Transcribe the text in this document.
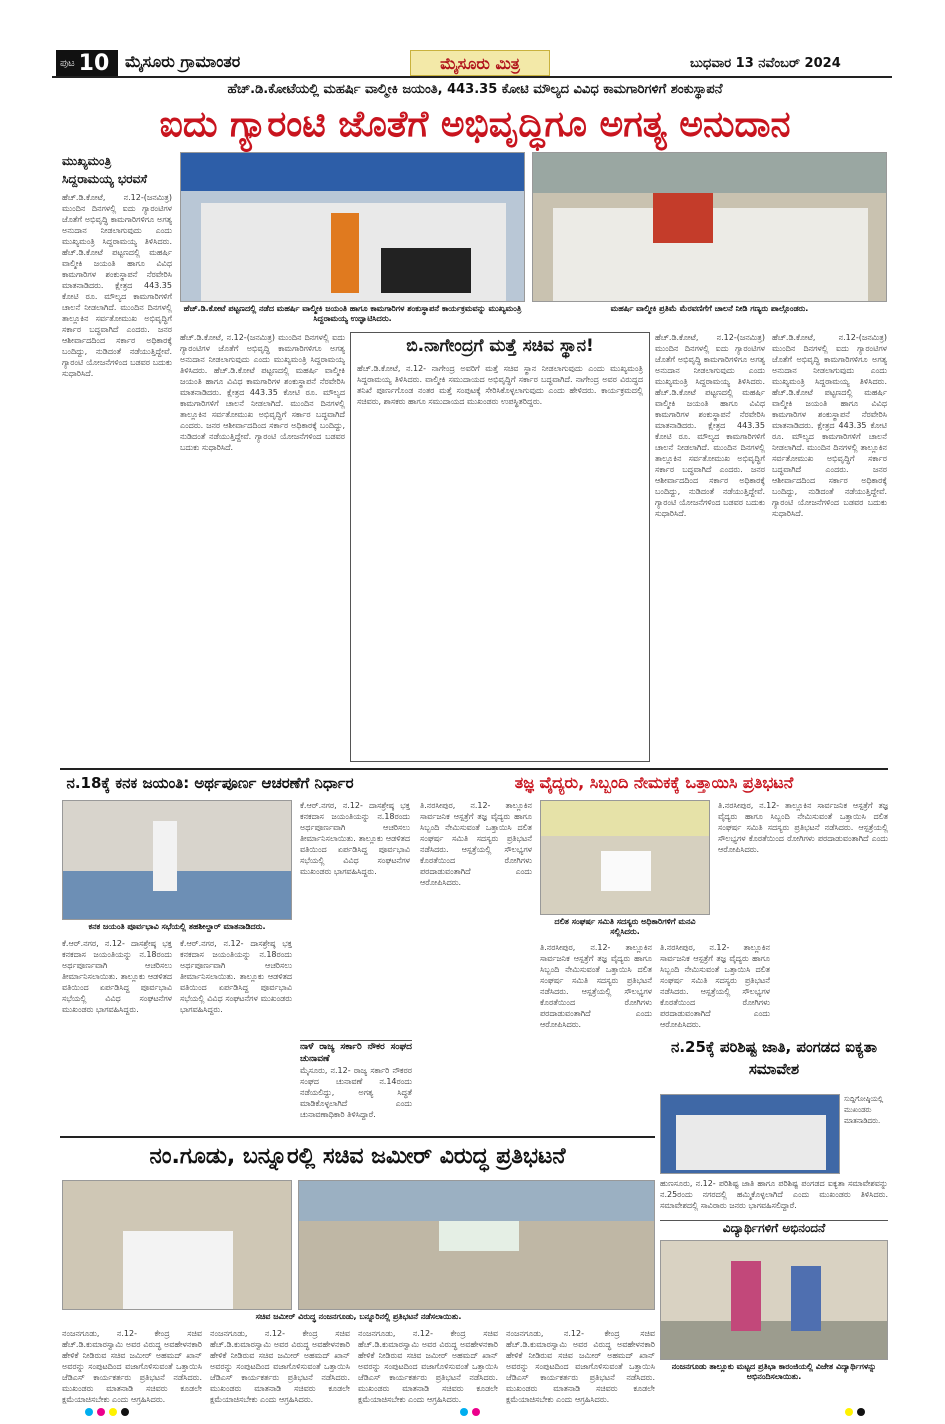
ಪುಟ 10 ಮೈಸೂರು ಗ್ರಾಮಾಂತರ	ಮೈಸೂರು ಮಿತ್ರ	ಬುಧವಾರ 13 ನವೆಂಬರ್ 2024
ಹೆಚ್.ಡಿ.ಕೋಟೆಯಲ್ಲಿ ಮಹರ್ಷಿ ವಾಲ್ಮೀಕಿ ಜಯಂತಿ, 443.35 ಕೋಟಿ ಮೌಲ್ಯದ ವಿವಿಧ ಕಾಮಗಾರಿಗಳಿಗೆ ಶಂಕುಸ್ಥಾಪನೆ
ಐದು ಗ್ಯಾರಂಟಿ ಜೊತೆಗೆ ಅಭಿವೃದ್ಧಿಗೂ ಅಗತ್ಯ ಅನುದಾನ
ಮುಖ್ಯಮಂತ್ರಿ
ಸಿದ್ದರಾಮಯ್ಯ ಭರವಸೆ
ಹೆಚ್.ಡಿ.ಕೋಟೆ, ನ.12-(ಜನಮಿತ್ರ) ಮುಂದಿನ ದಿನಗಳಲ್ಲಿ ಐದು ಗ್ಯಾರಂಟಿಗಳ ಜೊತೆಗೆ ಅಭಿವೃದ್ಧಿ ಕಾಮಗಾರಿಗಳಿಗೂ ಅಗತ್ಯ ಅನುದಾನ ನೀಡಲಾಗುವುದು ಎಂದು ಮುಖ್ಯಮಂತ್ರಿ ಸಿದ್ದರಾಮಯ್ಯ ತಿಳಿಸಿದರು. ಹೆಚ್.ಡಿ.ಕೋಟೆ ಪಟ್ಟಣದಲ್ಲಿ ಮಹರ್ಷಿ ವಾಲ್ಮೀಕಿ ಜಯಂತಿ ಹಾಗೂ ವಿವಿಧ ಕಾಮಗಾರಿಗಳ ಶಂಕುಸ್ಥಾಪನೆ ನೆರವೇರಿಸಿ ಮಾತನಾಡಿದರು. ಕ್ಷೇತ್ರದ 443.35 ಕೋಟಿ ರೂ. ಮೌಲ್ಯದ ಕಾಮಗಾರಿಗಳಿಗೆ ಚಾಲನೆ ನೀಡಲಾಗಿದೆ. ಮುಂದಿನ ದಿನಗಳಲ್ಲಿ ತಾಲ್ಲೂಕಿನ ಸರ್ವತೋಮುಖ ಅಭಿವೃದ್ಧಿಗೆ ಸರ್ಕಾರ ಬದ್ಧವಾಗಿದೆ ಎಂದರು. ಜನರ ಆಶೀರ್ವಾದದಿಂದ ಸರ್ಕಾರ ಅಧಿಕಾರಕ್ಕೆ ಬಂದಿದ್ದು, ನುಡಿದಂತೆ ನಡೆಯುತ್ತಿದ್ದೇವೆ. ಗ್ಯಾರಂಟಿ ಯೋಜನೆಗಳಿಂದ ಬಡವರ ಬದುಕು ಸುಧಾರಿಸಿದೆ.
ಹೆಚ್.ಡಿ.ಕೋಟೆ ಪಟ್ಟಣದಲ್ಲಿ ನಡೆದ ಮಹರ್ಷಿ ವಾಲ್ಮೀಕಿ ಜಯಂತಿ ಹಾಗೂ ಕಾಮಗಾರಿಗಳ ಶಂಕುಸ್ಥಾಪನೆ ಕಾರ್ಯಕ್ರಮವನ್ನು ಮುಖ್ಯಮಂತ್ರಿ ಸಿದ್ದರಾಮಯ್ಯ ಉದ್ಘಾಟಿಸಿದರು.
ಮಹರ್ಷಿ ವಾಲ್ಮೀಕಿ ಪ್ರತಿಮೆ ಮೆರವಣಿಗೆಗೆ ಚಾಲನೆ ನೀಡಿ ಗಣ್ಯರು ಪಾಲ್ಗೊಂಡರು.
ಹೆಚ್.ಡಿ.ಕೋಟೆ, ನ.12-(ಜನಮಿತ್ರ) ಮುಂದಿನ ದಿನಗಳಲ್ಲಿ ಐದು ಗ್ಯಾರಂಟಿಗಳ ಜೊತೆಗೆ ಅಭಿವೃದ್ಧಿ ಕಾಮಗಾರಿಗಳಿಗೂ ಅಗತ್ಯ ಅನುದಾನ ನೀಡಲಾಗುವುದು ಎಂದು ಮುಖ್ಯಮಂತ್ರಿ ಸಿದ್ದರಾಮಯ್ಯ ತಿಳಿಸಿದರು. ಹೆಚ್.ಡಿ.ಕೋಟೆ ಪಟ್ಟಣದಲ್ಲಿ ಮಹರ್ಷಿ ವಾಲ್ಮೀಕಿ ಜಯಂತಿ ಹಾಗೂ ವಿವಿಧ ಕಾಮಗಾರಿಗಳ ಶಂಕುಸ್ಥಾಪನೆ ನೆರವೇರಿಸಿ ಮಾತನಾಡಿದರು. ಕ್ಷೇತ್ರದ 443.35 ಕೋಟಿ ರೂ. ಮೌಲ್ಯದ ಕಾಮಗಾರಿಗಳಿಗೆ ಚಾಲನೆ ನೀಡಲಾಗಿದೆ. ಮುಂದಿನ ದಿನಗಳಲ್ಲಿ ತಾಲ್ಲೂಕಿನ ಸರ್ವತೋಮುಖ ಅಭಿವೃದ್ಧಿಗೆ ಸರ್ಕಾರ ಬದ್ಧವಾಗಿದೆ ಎಂದರು. ಜನರ ಆಶೀರ್ವಾದದಿಂದ ಸರ್ಕಾರ ಅಧಿಕಾರಕ್ಕೆ ಬಂದಿದ್ದು, ನುಡಿದಂತೆ ನಡೆಯುತ್ತಿದ್ದೇವೆ. ಗ್ಯಾರಂಟಿ ಯೋಜನೆಗಳಿಂದ ಬಡವರ ಬದುಕು ಸುಧಾರಿಸಿದೆ.
ಹೆಚ್.ಡಿ.ಕೋಟೆ, ನ.12-(ಜನಮಿತ್ರ) ಮುಂದಿನ ದಿನಗಳಲ್ಲಿ ಐದು ಗ್ಯಾರಂಟಿಗಳ ಜೊತೆಗೆ ಅಭಿವೃದ್ಧಿ ಕಾಮಗಾರಿಗಳಿಗೂ ಅಗತ್ಯ ಅನುದಾನ ನೀಡಲಾಗುವುದು ಎಂದು ಮುಖ್ಯಮಂತ್ರಿ ಸಿದ್ದರಾಮಯ್ಯ ತಿಳಿಸಿದರು. ಹೆಚ್.ಡಿ.ಕೋಟೆ ಪಟ್ಟಣದಲ್ಲಿ ಮಹರ್ಷಿ ವಾಲ್ಮೀಕಿ ಜಯಂತಿ ಹಾಗೂ ವಿವಿಧ ಕಾಮಗಾರಿಗಳ ಶಂಕುಸ್ಥಾಪನೆ ನೆರವೇರಿಸಿ ಮಾತನಾಡಿದರು. ಕ್ಷೇತ್ರದ 443.35 ಕೋಟಿ ರೂ. ಮೌಲ್ಯದ ಕಾಮಗಾರಿಗಳಿಗೆ ಚಾಲನೆ ನೀಡಲಾಗಿದೆ. ಮುಂದಿನ ದಿನಗಳಲ್ಲಿ ತಾಲ್ಲೂಕಿನ ಸರ್ವತೋಮುಖ ಅಭಿವೃದ್ಧಿಗೆ ಸರ್ಕಾರ ಬದ್ಧವಾಗಿದೆ ಎಂದರು. ಜನರ ಆಶೀರ್ವಾದದಿಂದ ಸರ್ಕಾರ ಅಧಿಕಾರಕ್ಕೆ ಬಂದಿದ್ದು, ನುಡಿದಂತೆ ನಡೆಯುತ್ತಿದ್ದೇವೆ. ಗ್ಯಾರಂಟಿ ಯೋಜನೆಗಳಿಂದ ಬಡವರ ಬದುಕು ಸುಧಾರಿಸಿದೆ.
ಹೆಚ್.ಡಿ.ಕೋಟೆ, ನ.12-(ಜನಮಿತ್ರ) ಮುಂದಿನ ದಿನಗಳಲ್ಲಿ ಐದು ಗ್ಯಾರಂಟಿಗಳ ಜೊತೆಗೆ ಅಭಿವೃದ್ಧಿ ಕಾಮಗಾರಿಗಳಿಗೂ ಅಗತ್ಯ ಅನುದಾನ ನೀಡಲಾಗುವುದು ಎಂದು ಮುಖ್ಯಮಂತ್ರಿ ಸಿದ್ದರಾಮಯ್ಯ ತಿಳಿಸಿದರು. ಹೆಚ್.ಡಿ.ಕೋಟೆ ಪಟ್ಟಣದಲ್ಲಿ ಮಹರ್ಷಿ ವಾಲ್ಮೀಕಿ ಜಯಂತಿ ಹಾಗೂ ವಿವಿಧ ಕಾಮಗಾರಿಗಳ ಶಂಕುಸ್ಥಾಪನೆ ನೆರವೇರಿಸಿ ಮಾತನಾಡಿದರು. ಕ್ಷೇತ್ರದ 443.35 ಕೋಟಿ ರೂ. ಮೌಲ್ಯದ ಕಾಮಗಾರಿಗಳಿಗೆ ಚಾಲನೆ ನೀಡಲಾಗಿದೆ. ಮುಂದಿನ ದಿನಗಳಲ್ಲಿ ತಾಲ್ಲೂಕಿನ ಸರ್ವತೋಮುಖ ಅಭಿವೃದ್ಧಿಗೆ ಸರ್ಕಾರ ಬದ್ಧವಾಗಿದೆ ಎಂದರು. ಜನರ ಆಶೀರ್ವಾದದಿಂದ ಸರ್ಕಾರ ಅಧಿಕಾರಕ್ಕೆ ಬಂದಿದ್ದು, ನುಡಿದಂತೆ ನಡೆಯುತ್ತಿದ್ದೇವೆ. ಗ್ಯಾರಂಟಿ ಯೋಜನೆಗಳಿಂದ ಬಡವರ ಬದುಕು ಸುಧಾರಿಸಿದೆ.
ಬಿ.ನಾಗೇಂದ್ರಗೆ ಮತ್ತೆ ಸಚಿವ ಸ್ಥಾನ!
ಹೆಚ್.ಡಿ.ಕೋಟೆ, ನ.12- ನಾಗೇಂದ್ರ ಅವರಿಗೆ ಮತ್ತೆ ಸಚಿವ ಸ್ಥಾನ ನೀಡಲಾಗುವುದು ಎಂದು ಮುಖ್ಯಮಂತ್ರಿ ಸಿದ್ದರಾಮಯ್ಯ ತಿಳಿಸಿದರು. ವಾಲ್ಮೀಕಿ ಸಮುದಾಯದ ಅಭಿವೃದ್ಧಿಗೆ ಸರ್ಕಾರ ಬದ್ಧವಾಗಿದೆ. ನಾಗೇಂದ್ರ ಅವರ ವಿರುದ್ಧದ ತನಿಖೆ ಪೂರ್ಣಗೊಂಡ ನಂತರ ಮತ್ತೆ ಸಂಪುಟಕ್ಕೆ ಸೇರಿಸಿಕೊಳ್ಳಲಾಗುವುದು ಎಂದು ಹೇಳಿದರು. ಕಾರ್ಯಕ್ರಮದಲ್ಲಿ ಸಚಿವರು, ಶಾಸಕರು ಹಾಗೂ ಸಮುದಾಯದ ಮುಖಂಡರು ಉಪಸ್ಥಿತರಿದ್ದರು.
ನ.18ಕ್ಕೆ ಕನಕ ಜಯಂತಿ: ಅರ್ಥಪೂರ್ಣ ಆಚರಣೆಗೆ ನಿರ್ಧಾರ
ಕನಕ ಜಯಂತಿ ಪೂರ್ವಭಾವಿ ಸಭೆಯಲ್ಲಿ ತಹಶೀಲ್ದಾರ್ ಮಾತನಾಡಿದರು.
ಕೆ.ಆರ್.ನಗರ, ನ.12- ದಾಸಶ್ರೇಷ್ಠ ಭಕ್ತ ಕನಕದಾಸ ಜಯಂತಿಯನ್ನು ನ.18ರಂದು ಅರ್ಥಪೂರ್ಣವಾಗಿ ಆಚರಿಸಲು ತೀರ್ಮಾನಿಸಲಾಯಿತು. ತಾಲ್ಲೂಕು ಆಡಳಿತದ ವತಿಯಿಂದ ಏರ್ಪಡಿಸಿದ್ದ ಪೂರ್ವಭಾವಿ ಸಭೆಯಲ್ಲಿ ವಿವಿಧ ಸಂಘಟನೆಗಳ ಮುಖಂಡರು ಭಾಗವಹಿಸಿದ್ದರು.
ಕೆ.ಆರ್.ನಗರ, ನ.12- ದಾಸಶ್ರೇಷ್ಠ ಭಕ್ತ ಕನಕದಾಸ ಜಯಂತಿಯನ್ನು ನ.18ರಂದು ಅರ್ಥಪೂರ್ಣವಾಗಿ ಆಚರಿಸಲು ತೀರ್ಮಾನಿಸಲಾಯಿತು. ತಾಲ್ಲೂಕು ಆಡಳಿತದ ವತಿಯಿಂದ ಏರ್ಪಡಿಸಿದ್ದ ಪೂರ್ವಭಾವಿ ಸಭೆಯಲ್ಲಿ ವಿವಿಧ ಸಂಘಟನೆಗಳ ಮುಖಂಡರು ಭಾಗವಹಿಸಿದ್ದರು.
ಕೆ.ಆರ್.ನಗರ, ನ.12- ದಾಸಶ್ರೇಷ್ಠ ಭಕ್ತ ಕನಕದಾಸ ಜಯಂತಿಯನ್ನು ನ.18ರಂದು ಅರ್ಥಪೂರ್ಣವಾಗಿ ಆಚರಿಸಲು ತೀರ್ಮಾನಿಸಲಾಯಿತು. ತಾಲ್ಲೂಕು ಆಡಳಿತದ ವತಿಯಿಂದ ಏರ್ಪಡಿಸಿದ್ದ ಪೂರ್ವಭಾವಿ ಸಭೆಯಲ್ಲಿ ವಿವಿಧ ಸಂಘಟನೆಗಳ ಮುಖಂಡರು ಭಾಗವಹಿಸಿದ್ದರು.
ತಜ್ಞ ವೈದ್ಯರು, ಸಿಬ್ಬಂದಿ ನೇಮಕಕ್ಕೆ ಒತ್ತಾಯಿಸಿ ಪ್ರತಿಭಟನೆ
ದಲಿತ ಸಂಘರ್ಷ ಸಮಿತಿ ಸದಸ್ಯರು ಅಧಿಕಾರಿಗಳಿಗೆ ಮನವಿ ಸಲ್ಲಿಸಿದರು.
ತಿ.ನರಸೀಪುರ, ನ.12- ತಾಲ್ಲೂಕಿನ ಸಾರ್ವಜನಿಕ ಆಸ್ಪತ್ರೆಗೆ ತಜ್ಞ ವೈದ್ಯರು ಹಾಗೂ ಸಿಬ್ಬಂದಿ ನೇಮಿಸುವಂತೆ ಒತ್ತಾಯಿಸಿ ದಲಿತ ಸಂಘರ್ಷ ಸಮಿತಿ ಸದಸ್ಯರು ಪ್ರತಿಭಟನೆ ನಡೆಸಿದರು. ಆಸ್ಪತ್ರೆಯಲ್ಲಿ ಸೌಲಭ್ಯಗಳ ಕೊರತೆಯಿಂದ ರೋಗಿಗಳು ಪರದಾಡುವಂತಾಗಿದೆ ಎಂದು ಆರೋಪಿಸಿದರು.
ತಿ.ನರಸೀಪುರ, ನ.12- ತಾಲ್ಲೂಕಿನ ಸಾರ್ವಜನಿಕ ಆಸ್ಪತ್ರೆಗೆ ತಜ್ಞ ವೈದ್ಯರು ಹಾಗೂ ಸಿಬ್ಬಂದಿ ನೇಮಿಸುವಂತೆ ಒತ್ತಾಯಿಸಿ ದಲಿತ ಸಂಘರ್ಷ ಸಮಿತಿ ಸದಸ್ಯರು ಪ್ರತಿಭಟನೆ ನಡೆಸಿದರು. ಆಸ್ಪತ್ರೆಯಲ್ಲಿ ಸೌಲಭ್ಯಗಳ ಕೊರತೆಯಿಂದ ರೋಗಿಗಳು ಪರದಾಡುವಂತಾಗಿದೆ ಎಂದು ಆರೋಪಿಸಿದರು.
ತಿ.ನರಸೀಪುರ, ನ.12- ತಾಲ್ಲೂಕಿನ ಸಾರ್ವಜನಿಕ ಆಸ್ಪತ್ರೆಗೆ ತಜ್ಞ ವೈದ್ಯರು ಹಾಗೂ ಸಿಬ್ಬಂದಿ ನೇಮಿಸುವಂತೆ ಒತ್ತಾಯಿಸಿ ದಲಿತ ಸಂಘರ್ಷ ಸಮಿತಿ ಸದಸ್ಯರು ಪ್ರತಿಭಟನೆ ನಡೆಸಿದರು. ಆಸ್ಪತ್ರೆಯಲ್ಲಿ ಸೌಲಭ್ಯಗಳ ಕೊರತೆಯಿಂದ ರೋಗಿಗಳು ಪರದಾಡುವಂತಾಗಿದೆ ಎಂದು ಆರೋಪಿಸಿದರು.
ತಿ.ನರಸೀಪುರ, ನ.12- ತಾಲ್ಲೂಕಿನ ಸಾರ್ವಜನಿಕ ಆಸ್ಪತ್ರೆಗೆ ತಜ್ಞ ವೈದ್ಯರು ಹಾಗೂ ಸಿಬ್ಬಂದಿ ನೇಮಿಸುವಂತೆ ಒತ್ತಾಯಿಸಿ ದಲಿತ ಸಂಘರ್ಷ ಸಮಿತಿ ಸದಸ್ಯರು ಪ್ರತಿಭಟನೆ ನಡೆಸಿದರು. ಆಸ್ಪತ್ರೆಯಲ್ಲಿ ಸೌಲಭ್ಯಗಳ ಕೊರತೆಯಿಂದ ರೋಗಿಗಳು ಪರದಾಡುವಂತಾಗಿದೆ ಎಂದು ಆರೋಪಿಸಿದರು.
ನಾಳೆ ರಾಜ್ಯ ಸರ್ಕಾರಿ ನೌಕರ ಸಂಘದ ಚುನಾವಣೆ
ಮೈಸೂರು, ನ.12- ರಾಜ್ಯ ಸರ್ಕಾರಿ ನೌಕರರ ಸಂಘದ ಚುನಾವಣೆ ನ.14ರಂದು ನಡೆಯಲಿದ್ದು, ಅಗತ್ಯ ಸಿದ್ಧತೆ ಮಾಡಿಕೊಳ್ಳಲಾಗಿದೆ ಎಂದು ಚುನಾವಣಾಧಿಕಾರಿ ತಿಳಿಸಿದ್ದಾರೆ.
ನ.25ಕ್ಕೆ ಪರಿಶಿಷ್ಟ ಜಾತಿ, ಪಂಗಡದ ಐಕ್ಯತಾ ಸಮಾವೇಶ
ಸುದ್ದಿಗೋಷ್ಠಿಯಲ್ಲಿ ಮುಖಂಡರು ಮಾತನಾಡಿದರು.
ಹುಣಸೂರು, ನ.12- ಪರಿಶಿಷ್ಟ ಜಾತಿ ಹಾಗೂ ಪರಿಶಿಷ್ಟ ಪಂಗಡದ ಐಕ್ಯತಾ ಸಮಾವೇಶವನ್ನು ನ.25ರಂದು ನಗರದಲ್ಲಿ ಹಮ್ಮಿಕೊಳ್ಳಲಾಗಿದೆ ಎಂದು ಮುಖಂಡರು ತಿಳಿಸಿದರು. ಸಮಾವೇಶದಲ್ಲಿ ಸಾವಿರಾರು ಜನರು ಭಾಗವಹಿಸಲಿದ್ದಾರೆ.
ನಂ.ಗೂಡು, ಬನ್ನೂರಲ್ಲಿ ಸಚಿವ ಜಮೀರ್ ವಿರುದ್ಧ ಪ್ರತಿಭಟನೆ
ಸಚಿವ ಜಮೀರ್ ವಿರುದ್ಧ ನಂಜನಗೂಡು, ಬನ್ನೂರಿನಲ್ಲಿ ಪ್ರತಿಭಟನೆ ನಡೆಸಲಾಯಿತು.
ನಂಜನಗೂಡು, ನ.12- ಕೇಂದ್ರ ಸಚಿವ ಹೆಚ್.ಡಿ.ಕುಮಾರಸ್ವಾಮಿ ಅವರ ವಿರುದ್ಧ ಅವಹೇಳನಕಾರಿ ಹೇಳಿಕೆ ನೀಡಿರುವ ಸಚಿವ ಜಮೀರ್ ಅಹಮದ್ ಖಾನ್ ಅವರನ್ನು ಸಂಪುಟದಿಂದ ವಜಾಗೊಳಿಸುವಂತೆ ಒತ್ತಾಯಿಸಿ ಜೆಡಿಎಸ್ ಕಾರ್ಯಕರ್ತರು ಪ್ರತಿಭಟನೆ ನಡೆಸಿದರು. ಮುಖಂಡರು ಮಾತನಾಡಿ ಸಚಿವರು ಕೂಡಲೇ ಕ್ಷಮೆಯಾಚಿಸಬೇಕು ಎಂದು ಆಗ್ರಹಿಸಿದರು.
ನಂಜನಗೂಡು, ನ.12- ಕೇಂದ್ರ ಸಚಿವ ಹೆಚ್.ಡಿ.ಕುಮಾರಸ್ವಾಮಿ ಅವರ ವಿರುದ್ಧ ಅವಹೇಳನಕಾರಿ ಹೇಳಿಕೆ ನೀಡಿರುವ ಸಚಿವ ಜಮೀರ್ ಅಹಮದ್ ಖಾನ್ ಅವರನ್ನು ಸಂಪುಟದಿಂದ ವಜಾಗೊಳಿಸುವಂತೆ ಒತ್ತಾಯಿಸಿ ಜೆಡಿಎಸ್ ಕಾರ್ಯಕರ್ತರು ಪ್ರತಿಭಟನೆ ನಡೆಸಿದರು. ಮುಖಂಡರು ಮಾತನಾಡಿ ಸಚಿವರು ಕೂಡಲೇ ಕ್ಷಮೆಯಾಚಿಸಬೇಕು ಎಂದು ಆಗ್ರಹಿಸಿದರು.
ನಂಜನಗೂಡು, ನ.12- ಕೇಂದ್ರ ಸಚಿವ ಹೆಚ್.ಡಿ.ಕುಮಾರಸ್ವಾಮಿ ಅವರ ವಿರುದ್ಧ ಅವಹೇಳನಕಾರಿ ಹೇಳಿಕೆ ನೀಡಿರುವ ಸಚಿವ ಜಮೀರ್ ಅಹಮದ್ ಖಾನ್ ಅವರನ್ನು ಸಂಪುಟದಿಂದ ವಜಾಗೊಳಿಸುವಂತೆ ಒತ್ತಾಯಿಸಿ ಜೆಡಿಎಸ್ ಕಾರ್ಯಕರ್ತರು ಪ್ರತಿಭಟನೆ ನಡೆಸಿದರು. ಮುಖಂಡರು ಮಾತನಾಡಿ ಸಚಿವರು ಕೂಡಲೇ ಕ್ಷಮೆಯಾಚಿಸಬೇಕು ಎಂದು ಆಗ್ರಹಿಸಿದರು.
ನಂಜನಗೂಡು, ನ.12- ಕೇಂದ್ರ ಸಚಿವ ಹೆಚ್.ಡಿ.ಕುಮಾರಸ್ವಾಮಿ ಅವರ ವಿರುದ್ಧ ಅವಹೇಳನಕಾರಿ ಹೇಳಿಕೆ ನೀಡಿರುವ ಸಚಿವ ಜಮೀರ್ ಅಹಮದ್ ಖಾನ್ ಅವರನ್ನು ಸಂಪುಟದಿಂದ ವಜಾಗೊಳಿಸುವಂತೆ ಒತ್ತಾಯಿಸಿ ಜೆಡಿಎಸ್ ಕಾರ್ಯಕರ್ತರು ಪ್ರತಿಭಟನೆ ನಡೆಸಿದರು. ಮುಖಂಡರು ಮಾತನಾಡಿ ಸಚಿವರು ಕೂಡಲೇ ಕ್ಷಮೆಯಾಚಿಸಬೇಕು ಎಂದು ಆಗ್ರಹಿಸಿದರು.
ವಿದ್ಯಾರ್ಥಿಗಳಿಗೆ ಅಭಿನಂದನೆ
ನಂಜನಗೂಡು ತಾಲ್ಲೂಕು ಮಟ್ಟದ ಪ್ರತಿಭಾ ಕಾರಂಜಿಯಲ್ಲಿ ವಿಜೇತ ವಿದ್ಯಾರ್ಥಿಗಳನ್ನು ಅಭಿನಂದಿಸಲಾಯಿತು.
